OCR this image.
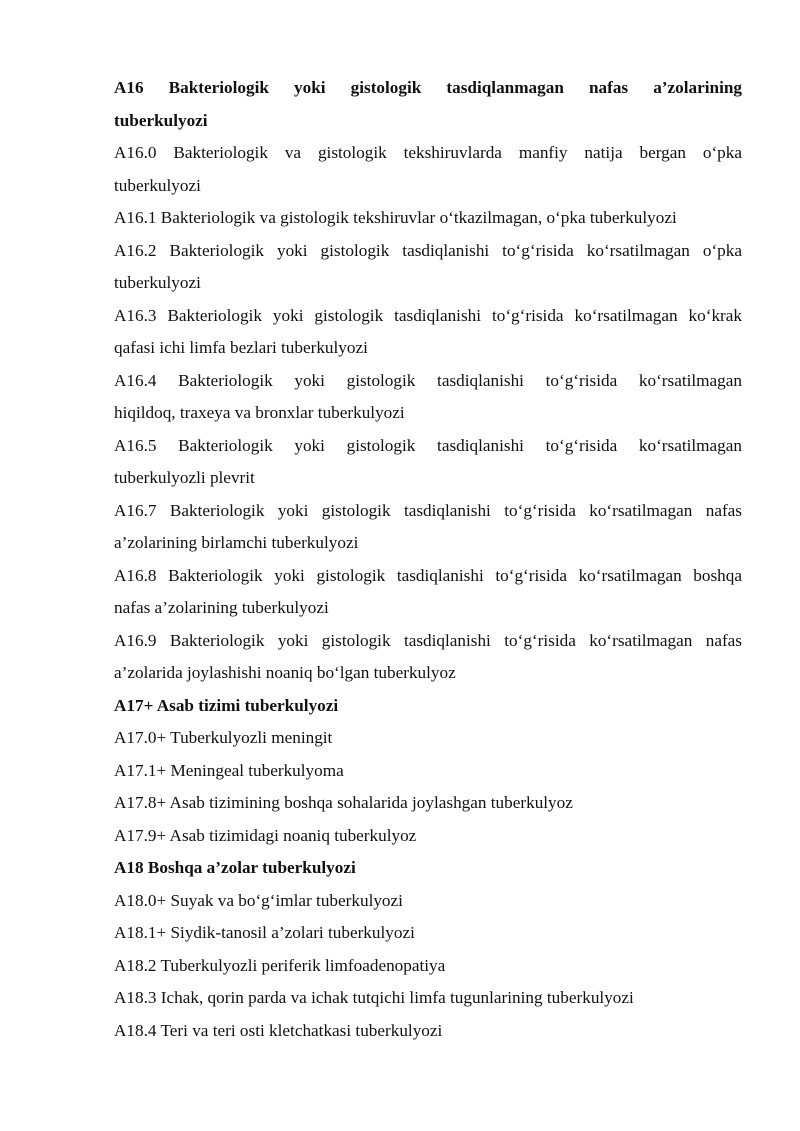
A16 Bakteriologik yoki gistologik tasdiqlanmagan nafas a’zolarining
tuberkulyozi
A16.0 Bakteriologik va gistologik tekshiruvlarda manfiy natija bergan o‘pka
tuberkulyozi
A16.1 Bakteriologik va gistologik tekshiruvlar o‘tkazilmagan, o‘pka tuberkulyozi
A16.2 Bakteriologik yoki gistologik tasdiqlanishi to‘g‘risida ko‘rsatilmagan o‘pka
tuberkulyozi
A16.3 Bakteriologik yoki gistologik tasdiqlanishi to‘g‘risida ko‘rsatilmagan ko‘krak
qafasi ichi limfa bezlari tuberkulyozi
A16.4 Bakteriologik yoki gistologik tasdiqlanishi to‘g‘risida ko‘rsatilmagan
hiqildoq, traxeya va bronxlar tuberkulyozi
A16.5 Bakteriologik yoki gistologik tasdiqlanishi to‘g‘risida ko‘rsatilmagan
tuberkulyozli plevrit
A16.7 Bakteriologik yoki gistologik tasdiqlanishi to‘g‘risida ko‘rsatilmagan nafas
a’zolarining birlamchi tuberkulyozi
A16.8 Bakteriologik yoki gistologik tasdiqlanishi to‘g‘risida ko‘rsatilmagan boshqa
nafas a’zolarining tuberkulyozi
A16.9 Bakteriologik yoki gistologik tasdiqlanishi to‘g‘risida ko‘rsatilmagan nafas
a’zolarida joylashishi noaniq bo‘lgan tuberkulyoz
A17+ Asab tizimi tuberkulyozi
A17.0+ Tuberkulyozli meningit
A17.1+ Meningeal tuberkulyoma
A17.8+ Asab tizimining boshqa sohalarida joylashgan tuberkulyoz
A17.9+ Asab tizimidagi noaniq tuberkulyoz
A18 Boshqa a’zolar tuberkulyozi
A18.0+ Suyak va bo‘g‘imlar tuberkulyozi
A18.1+ Siydik-tanosil a’zolari tuberkulyozi
A18.2 Tuberkulyozli periferik limfoadenopatiya
A18.3 Ichak, qorin parda va ichak tutqichi limfa tugunlarining tuberkulyozi
A18.4 Teri va teri osti kletchatkasi tuberkulyozi
